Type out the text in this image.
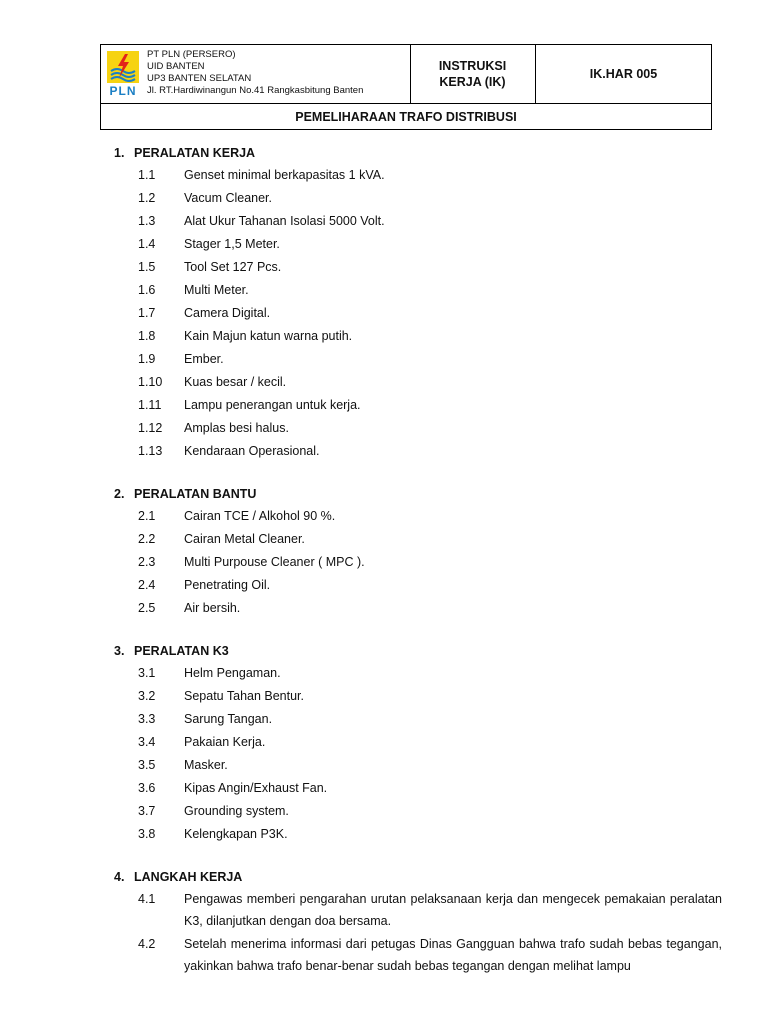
PLN
PT PLN (PERSERO)
UID BANTEN
UP3 BANTEN SELATAN
Jl. RT.Hardiwinangun No.41 Rangkasbitung Banten
INSTRUKSI
KERJA (IK)
IK.HAR 005
PEMELIHARAAN TRAFO DISTRIBUSI
1. PERALATAN KERJA
1.1	Genset minimal berkapasitas 1 kVA.
1.2	Vacum Cleaner.
1.3	Alat Ukur Tahanan Isolasi 5000 Volt.
1.4	Stager 1,5 Meter.
1.5	Tool Set 127 Pcs.
1.6	Multi Meter.
1.7	Camera Digital.
1.8	Kain Majun katun warna putih.
1.9	Ember.
1.10	Kuas besar / kecil.
1.11	Lampu penerangan untuk kerja.
1.12	Amplas besi halus.
1.13	Kendaraan Operasional.
2. PERALATAN BANTU
2.1	Cairan TCE / Alkohol 90 %.
2.2	Cairan Metal Cleaner.
2.3	Multi Purpouse Cleaner ( MPC ).
2.4	Penetrating Oil.
2.5	Air bersih.
3. PERALATAN K3
3.1	Helm Pengaman.
3.2	Sepatu Tahan Bentur.
3.3	Sarung Tangan.
3.4	Pakaian Kerja.
3.5	Masker.
3.6	Kipas Angin/Exhaust Fan.
3.7	Grounding system.
3.8	Kelengkapan P3K.
4. LANGKAH KERJA
4.1	Pengawas memberi pengarahan urutan pelaksanaan kerja dan mengecek pemakaian peralatan K3, dilanjutkan dengan doa bersama.
4.2	Setelah menerima informasi dari petugas Dinas Gangguan bahwa trafo sudah bebas tegangan, yakinkan bahwa trafo benar-benar sudah bebas tegangan dengan melihat lampu
